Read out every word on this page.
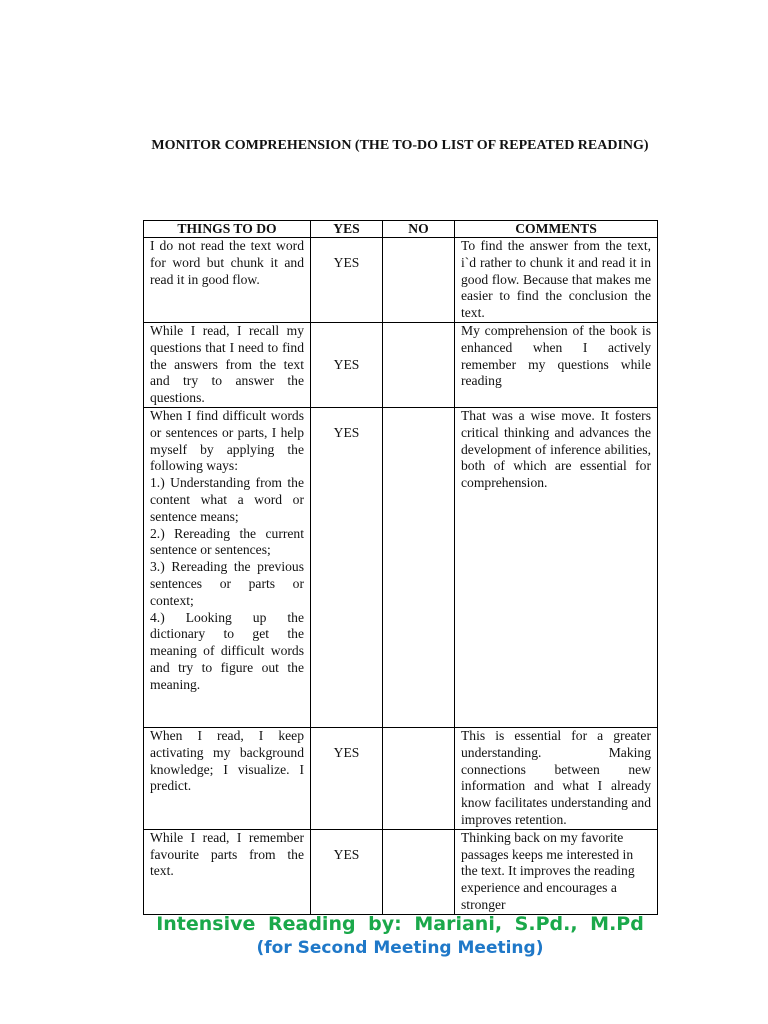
MONITOR COMPREHENSION (THE TO-DO LIST OF REPEATED READING)
THINGS TO DO	YES	NO	COMMENTS
I do not read the text word for word but chunk it and read it in good flow.	YES		To find the answer from the text, i`d rather to chunk it and read it in good flow. Because that makes me easier to find the conclusion the text.
While I read, I recall my questions that I need to find the answers from the text and try to answer the questions.	YES		My comprehension of the book is enhanced when I actively remember my questions while reading

When I find difficult words or sentences or parts, I help myself by applying the following ways:
1.) Understanding from the content what a word or sentence means;
2.) Rereading the current sentence or sentences;
3.) Rereading the previous sentences or parts or context;
4.) Looking up the dictionary to get the meaning of difficult words and try to figure out the meaning.	YES		That was a wise move. It fosters critical thinking and advances the development of inference abilities, both of which are essential for comprehension.
When I read, I keep activating my background knowledge; I visualize. I predict.	YES		This is essential for a greater understanding. Making connections between new information and what I already know facilitates understanding and improves retention.
While I read, I remember favourite parts from the text.	YES		Thinking back on my favorite passages keeps me interested in the text. It improves the reading experience and encourages a stronger
Intensive Reading by: Mariani, S.Pd., M.Pd
(for Second Meeting Meeting)
